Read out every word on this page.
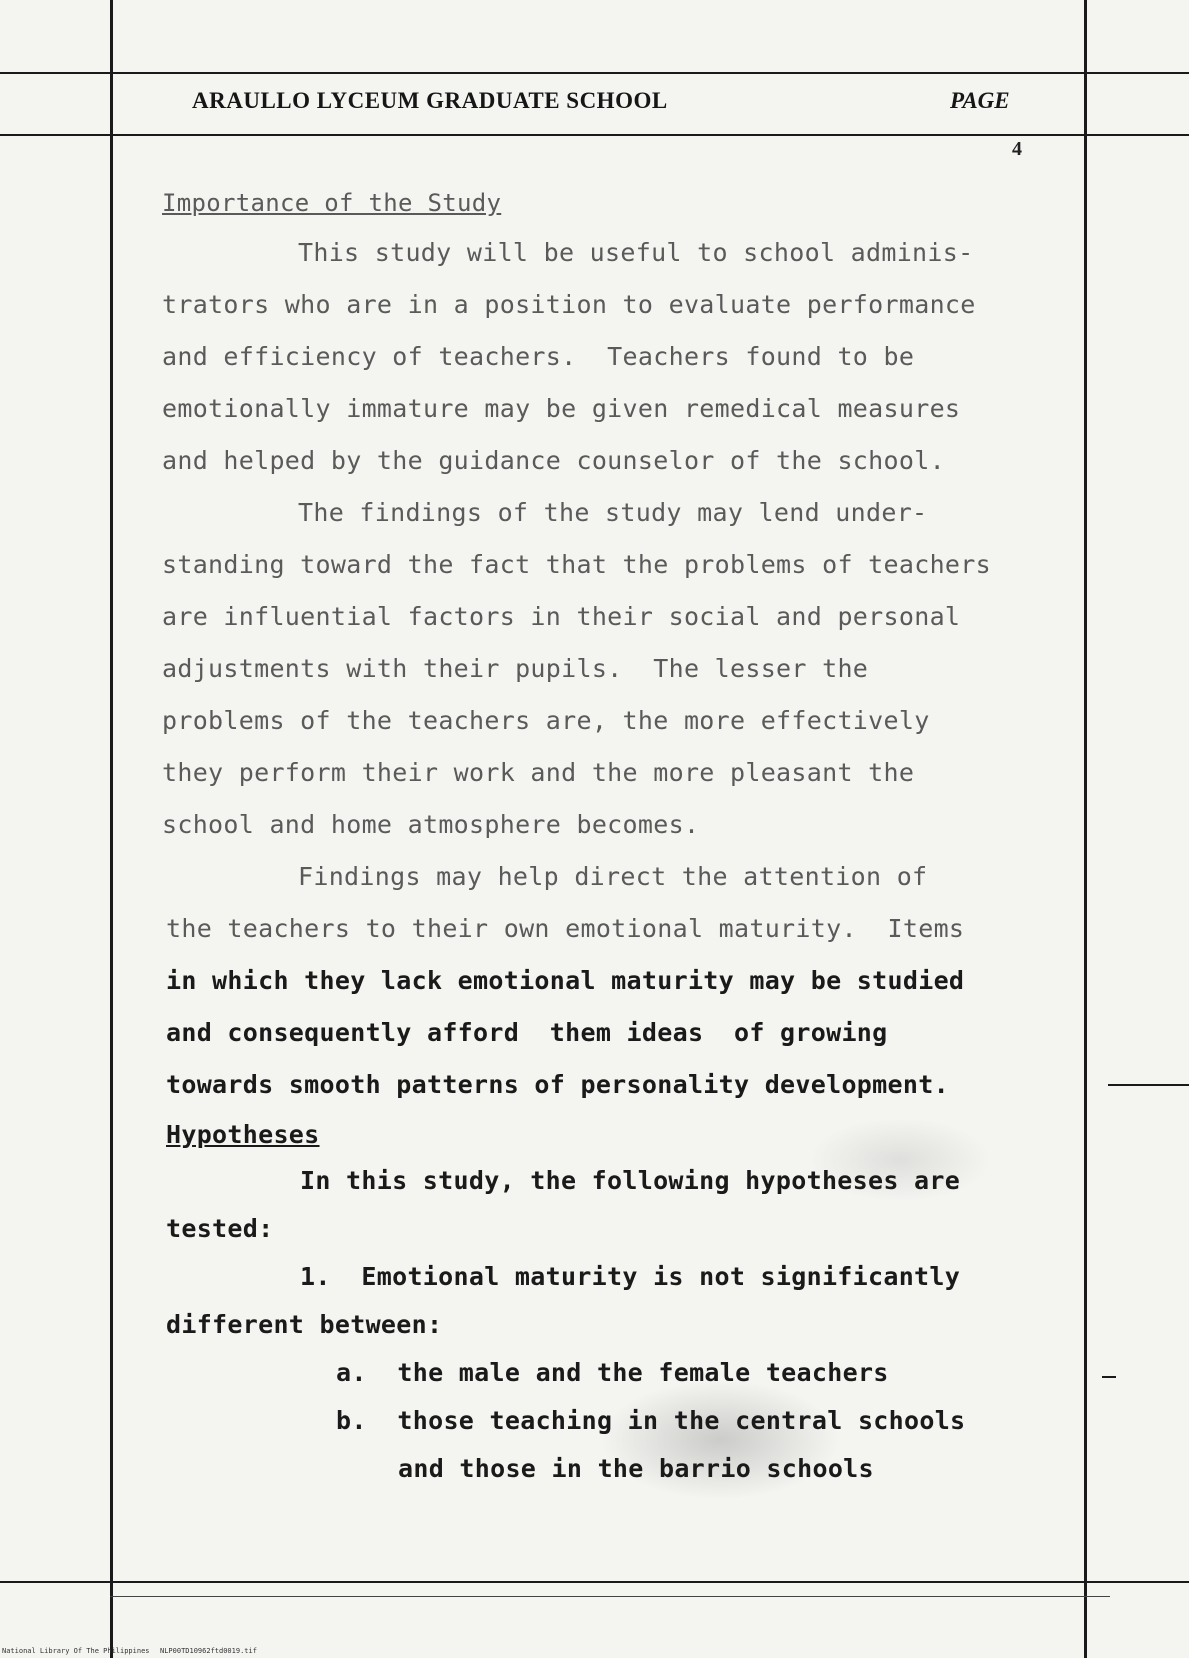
ARAULLO LYCEUM GRADUATE SCHOOL	PAGE
4
Importance of the Study
This study will be useful to school adminis-
trators who are in a position to evaluate performance
and efficiency of teachers.  Teachers found to be
emotionally immature may be given remedical measures
and helped by the guidance counselor of the school.
The findings of the study may lend under-
standing toward the fact that the problems of teachers
are influential factors in their social and personal
adjustments with their pupils.  The lesser the
problems of the teachers are, the more effectively
they perform their work and the more pleasant the
school and home atmosphere becomes.
Findings may help direct the attention of
the teachers to their own emotional maturity.  Items
in which they lack emotional maturity may be studied
and consequently afford  them ideas  of growing
towards smooth patterns of personality development.
Hypotheses
In this study, the following hypotheses are
tested:
1.  Emotional maturity is not significantly
different between:
a.  the male and the female teachers
b.  those teaching in the central schools
and those in the barrio schools
National Library Of The Philippines NLP00TD10962ftd0019.tif
